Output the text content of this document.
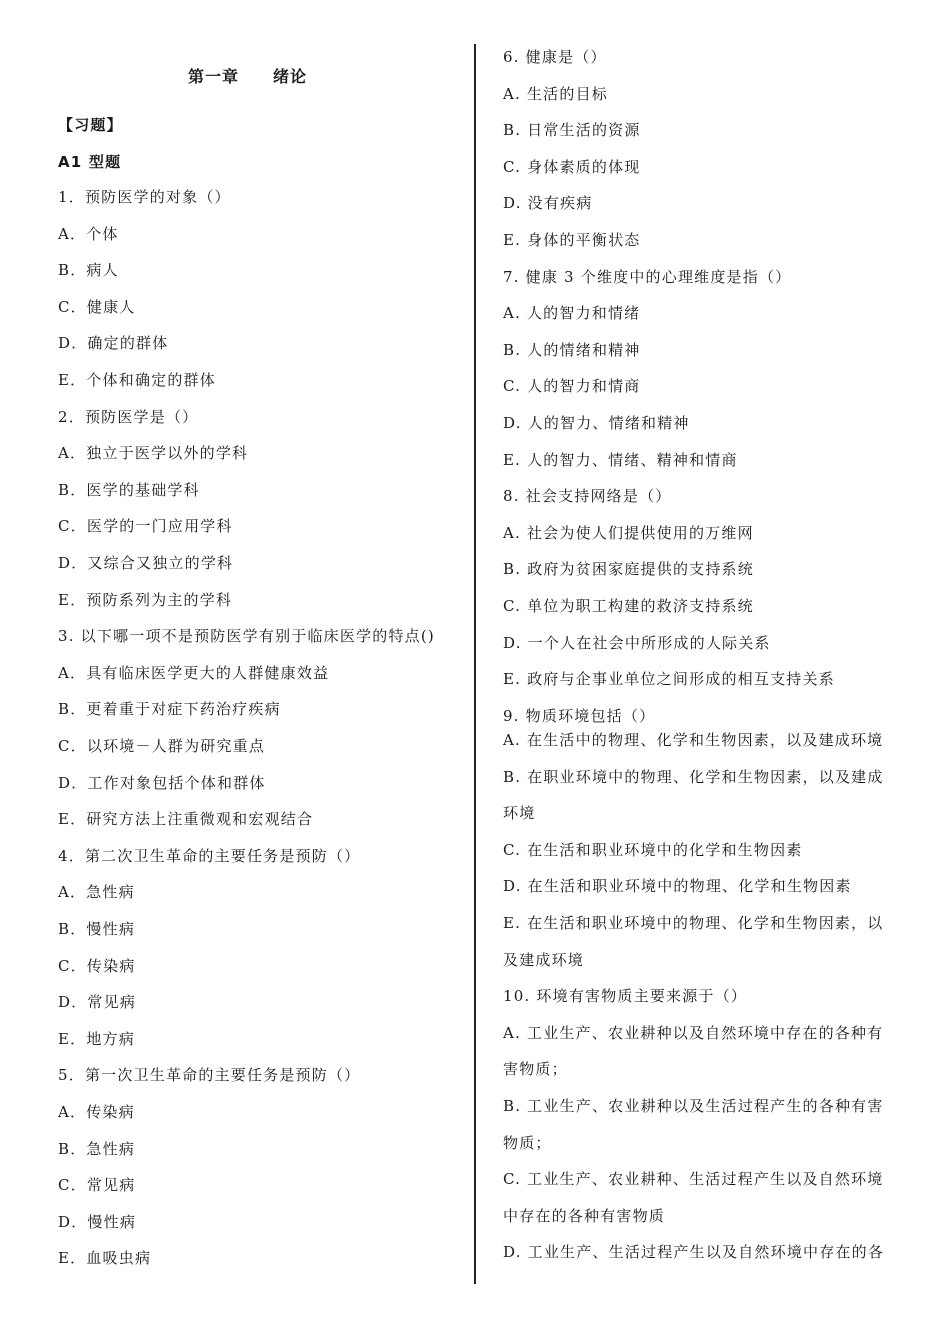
第一章　　绪论
【习题】
A1 型题
1．预防医学的对象（）
A．个体
B．病人
C．健康人
D．确定的群体
E．个体和确定的群体
2．预防医学是（）
A．独立于医学以外的学科
B．医学的基础学科
C．医学的一门应用学科
D．又综合又独立的学科
E．预防系列为主的学科
3. 以下哪一项不是预防医学有别于临床医学的特点()
A．具有临床医学更大的人群健康效益
B．更着重于对症下药治疗疾病
C．以环境－人群为研究重点
D．工作对象包括个体和群体
E．研究方法上注重微观和宏观结合
4．第二次卫生革命的主要任务是预防（）
A．急性病
B．慢性病
C．传染病
D．常见病
E．地方病
5．第一次卫生革命的主要任务是预防（）
A．传染病
B．急性病
C．常见病
D．慢性病
E．血吸虫病
6. 健康是（）
A. 生活的目标
B. 日常生活的资源
C. 身体素质的体现
D. 没有疾病
E. 身体的平衡状态
7. 健康 3 个维度中的心理维度是指（）
A. 人的智力和情绪
B. 人的情绪和精神
C. 人的智力和情商
D. 人的智力、情绪和精神
E. 人的智力、情绪、精神和情商
8. 社会支持网络是（）
A. 社会为使人们提供使用的万维网
B. 政府为贫困家庭提供的支持系统
C. 单位为职工构建的救济支持系统
D. 一个人在社会中所形成的人际关系
E. 政府与企事业单位之间形成的相互支持关系
9. 物质环境包括（）
A. 在生活中的物理、化学和生物因素，以及建成环境
B. 在职业环境中的物理、化学和生物因素，以及建成
环境
C. 在生活和职业环境中的化学和生物因素
D. 在生活和职业环境中的物理、化学和生物因素
E. 在生活和职业环境中的物理、化学和生物因素，以
及建成环境
10. 环境有害物质主要来源于（）
A. 工业生产、农业耕种以及自然环境中存在的各种有
害物质；
B. 工业生产、农业耕种以及生活过程产生的各种有害
物质；
C. 工业生产、农业耕种、生活过程产生以及自然环境
中存在的各种有害物质
D. 工业生产、生活过程产生以及自然环境中存在的各
